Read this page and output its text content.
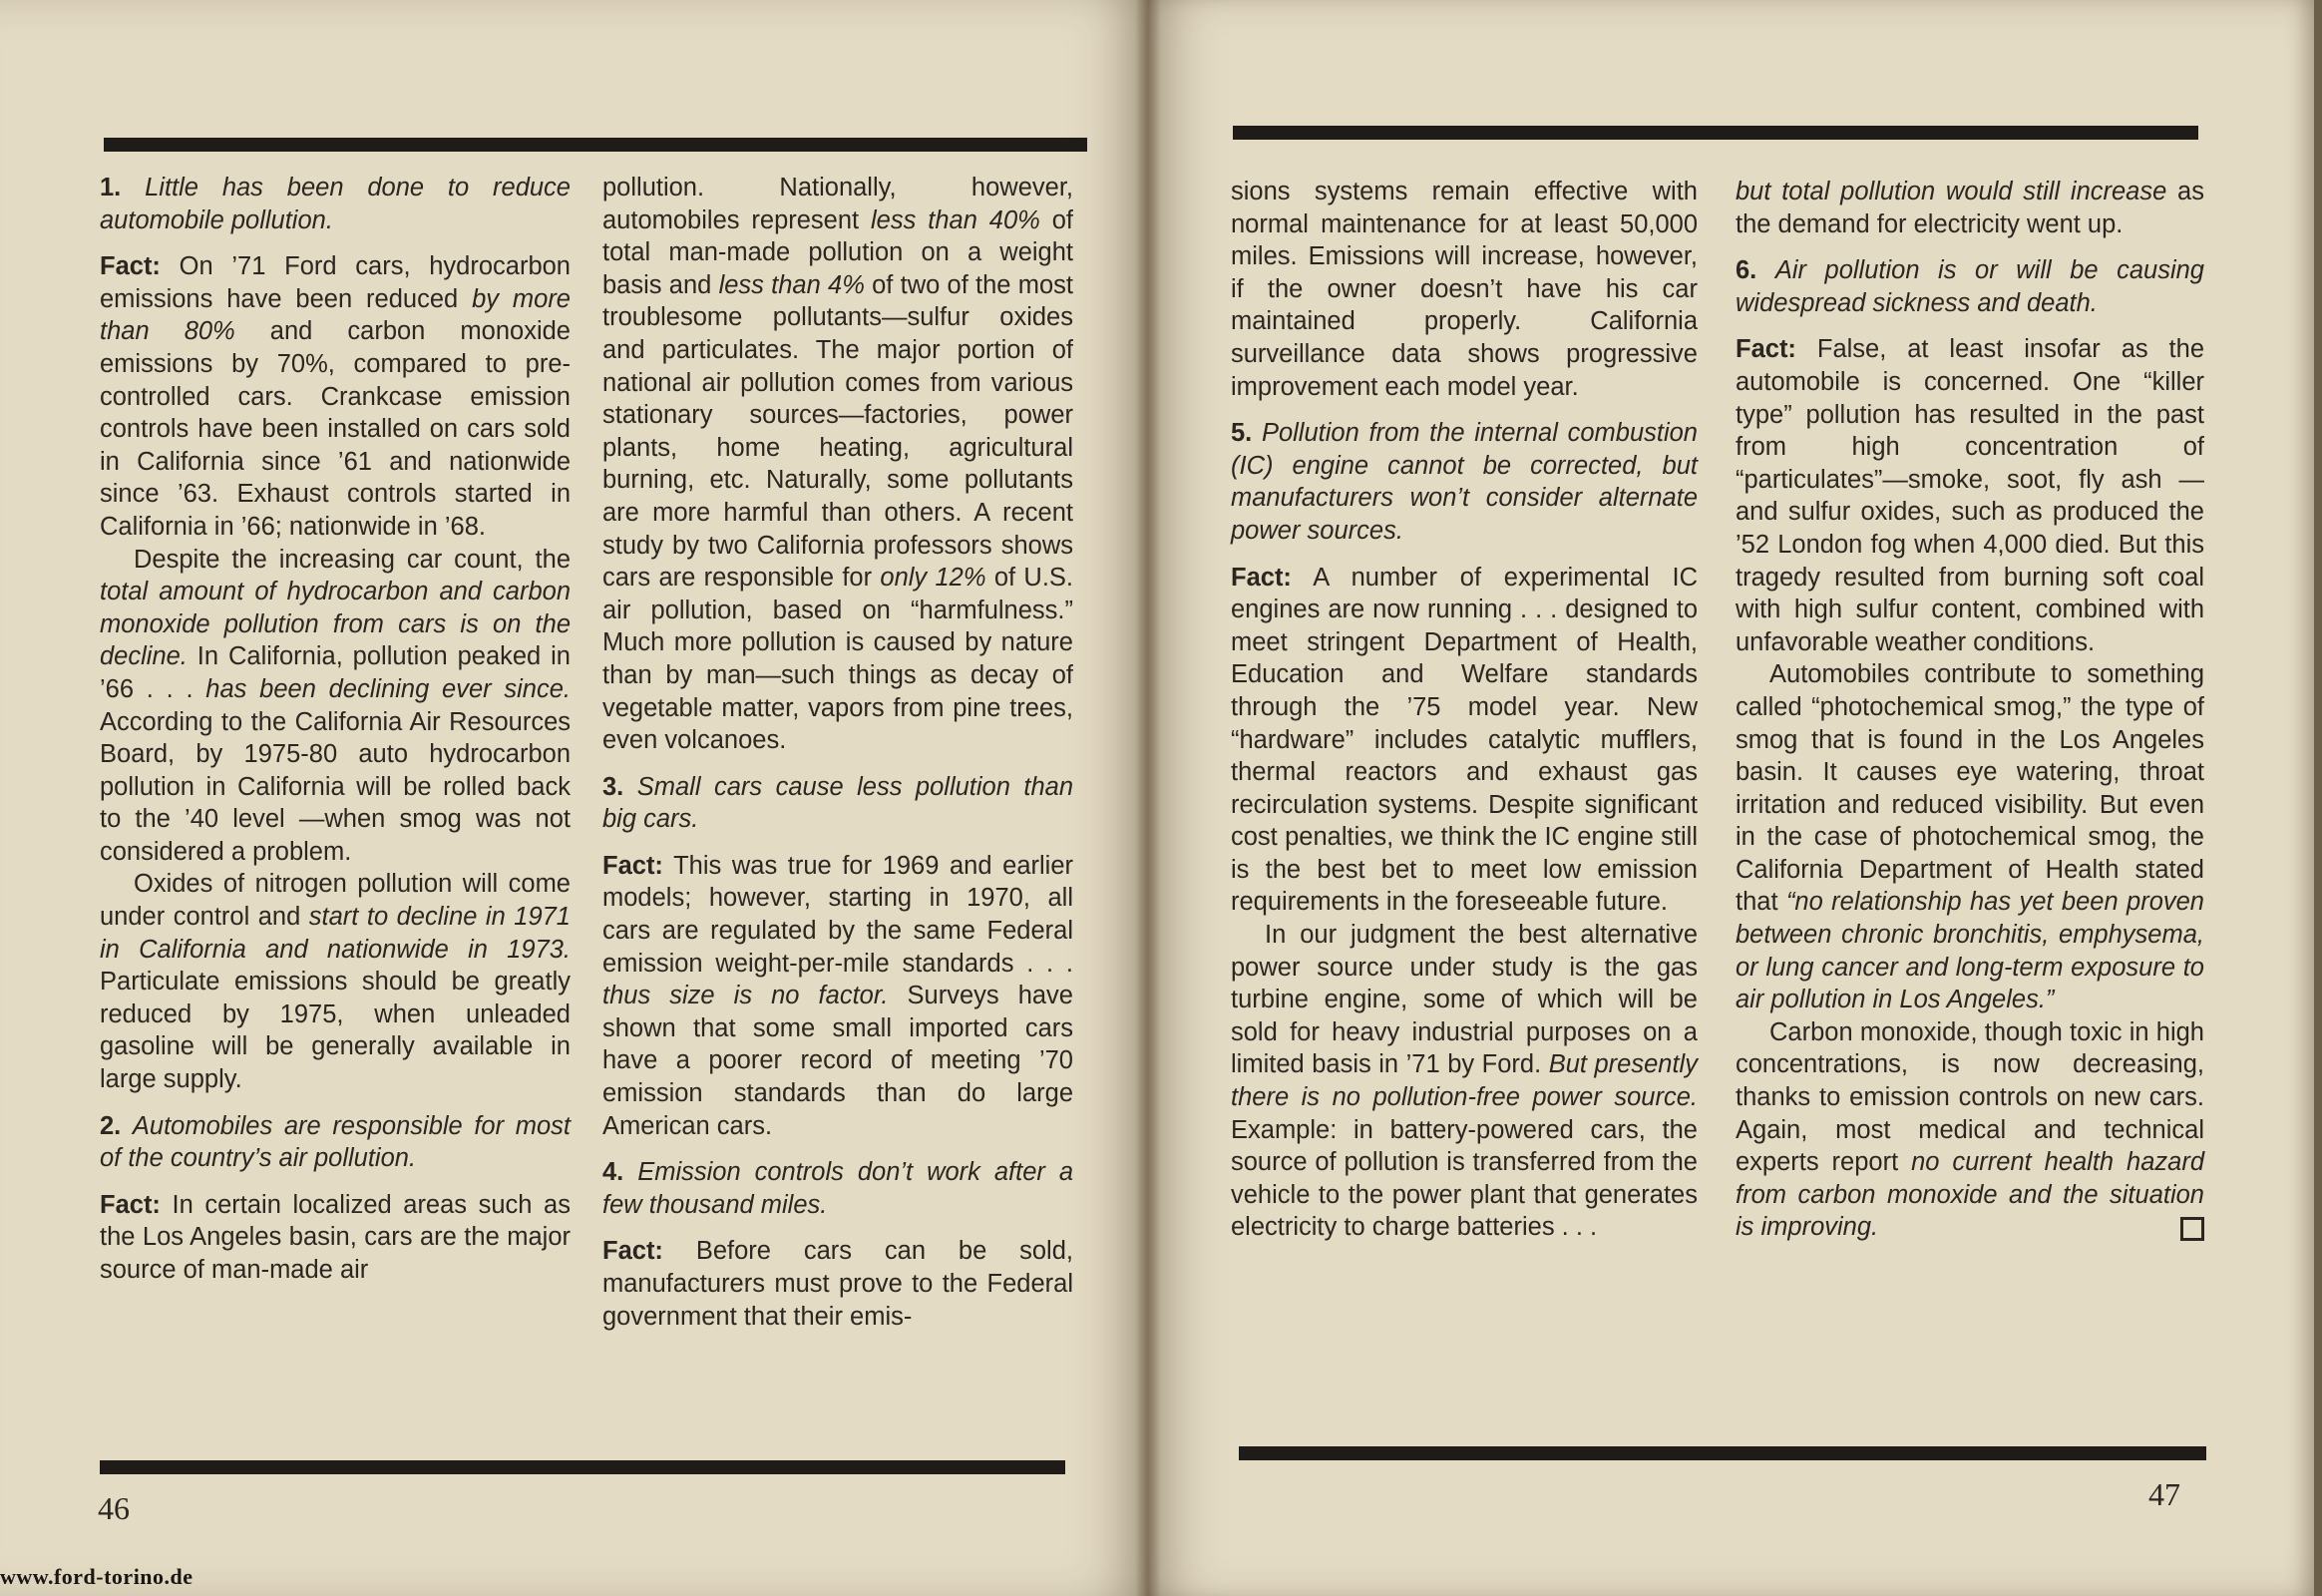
1. Little has been done to reduce automobile pollution.

Fact: On ’71 Ford cars, hydrocarbon emissions have been reduced by more than 80% and carbon monoxide emissions by 70%, compared to pre-controlled cars. Crankcase emission controls have been installed on cars sold in California since ’61 and nationwide since ’63. Exhaust controls started in California in ’66; nationwide in ’68.

Despite the increasing car count, the total amount of hydrocarbon and carbon monoxide pollution from cars is on the decline. In California, pollution peaked in ’66 . . . has been declining ever since. According to the California Air Resources Board, by 1975-80 auto hydrocarbon pollution in California will be rolled back to the ’40 level —when smog was not considered a problem.

Oxides of nitrogen pollution will come under control and start to decline in 1971 in California and nationwide in 1973. Particulate emissions should be greatly reduced by 1975, when unleaded gasoline will be generally available in large supply.

2. Automobiles are responsible for most of the country’s air pollution.

Fact: In certain localized areas such as the Los Angeles basin, cars are the major source of man-made air

pollution. Nationally, however, automobiles represent less than 40% of total man-made pollution on a weight basis and less than 4% of two of the most troublesome pollutants—sulfur oxides and particulates. The major portion of national air pollution comes from various stationary sources—factories, power plants, home heating, agricultural burning, etc. Naturally, some pollutants are more harmful than others. A recent study by two California professors shows cars are responsible for only 12% of U.S. air pollution, based on “harmfulness.” Much more pollution is caused by nature than by man—such things as decay of vegetable matter, vapors from pine trees, even volcanoes.

3. Small cars cause less pollution than big cars.

Fact: This was true for 1969 and earlier models; however, starting in 1970, all cars are regulated by the same Federal emission weight-per-mile standards . . . thus size is no factor. Surveys have shown that some small imported cars have a poorer record of meeting ’70 emission standards than do large American cars.

4. Emission controls don’t work after a few thousand miles.

Fact: Before cars can be sold, manufacturers must prove to the Federal government that their emis-

sions systems remain effective with normal maintenance for at least 50,000 miles. Emissions will increase, however, if the owner doesn’t have his car maintained properly. California surveillance data shows progressive improvement each model year.

5. Pollution from the internal combustion (IC) engine cannot be corrected, but manufacturers won’t consider alternate power sources.

Fact: A number of experimental IC engines are now running . . . designed to meet stringent Department of Health, Education and Welfare standards through the ’75 model year. New “hardware” includes catalytic mufflers, thermal reactors and exhaust gas recirculation systems. Despite significant cost penalties, we think the IC engine still is the best bet to meet low emission requirements in the foreseeable future.

In our judgment the best alternative power source under study is the gas turbine engine, some of which will be sold for heavy industrial purposes on a limited basis in ’71 by Ford. But presently there is no pollution-free power source. Example: in battery-powered cars, the source of pollution is transferred from the vehicle to the power plant that generates electricity to charge batteries . . .

but total pollution would still increase as the demand for electricity went up.

6. Air pollution is or will be causing widespread sickness and death.

Fact: False, at least insofar as the automobile is concerned. One “killer type” pollution has resulted in the past from high concentration of “particulates”—smoke, soot, fly ash —and sulfur oxides, such as produced the ’52 London fog when 4,000 died. But this tragedy resulted from burning soft coal with high sulfur content, combined with unfavorable weather conditions.

Automobiles contribute to something called “photochemical smog,” the type of smog that is found in the Los Angeles basin. It causes eye watering, throat irritation and reduced visibility. But even in the case of photochemical smog, the California Department of Health stated that “no relationship has yet been proven between chronic bronchitis, emphysema, or lung cancer and long-term exposure to air pollution in Los Angeles.”

Carbon monoxide, though toxic in high concentrations, is now decreasing, thanks to emission controls on new cars. Again, most medical and technical experts report no current health hazard from carbon monoxide and the situation is improving.

46	47
www.ford-torino.de
